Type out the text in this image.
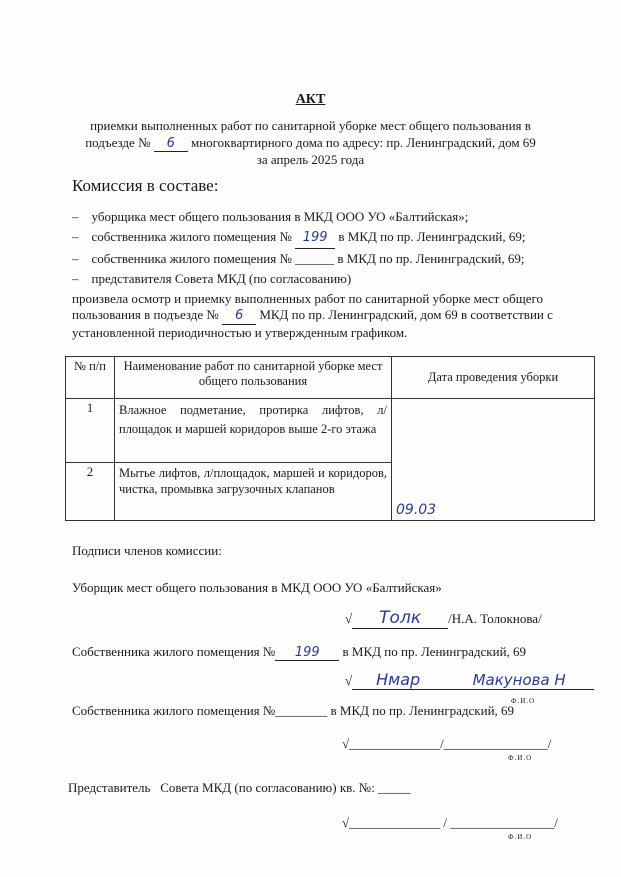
АКТ
приемки выполненных работ по санитарной уборке мест общего пользования в
подъезде № 6 многоквартирного дома по адресу: пр. Ленинградский, дом 69
за апрель 2025 года
Комиссия в составе:
–    уборщика мест общего пользования в МКД ООО УО «Балтийская»;
–    собственника жилого помещения № 199 в МКД по пр. Ленинградский, 69;
–    собственника жилого помещения № ______ в МКД по пр. Ленинградский, 69;
–    представителя Совета МКД (по согласованию)
произвела осмотр и приемку выполненных работ по санитарной уборке мест общего
пользования в подъезде № 6 МКД по пр. Ленинградский, дом 69 в соответствии с
установленной периодичностью и утвержденным графиком.
№ п/п	Наименование работ по санитарной уборке мест общего пользования	Дата проведения уборки
1	Влажное подметание, протирка лифтов, л/площадок и маршей коридоров выше 2-го этажа	09.03

2	Мытье лифтов, л/площадок, маршей и коридоров, чистка, промывка загрузочных клапанов	
Подписи членов комиссии:
Уборщик мест общего пользования в МКД ООО УО «Балтийская»
√ Толк /Н.А. Толокнова/
Собственника жилого помещения № 199 в МКД по пр. Ленинградский, 69
√ Нмар	Макунова Н
Ф.И.О
Собственника жилого помещения №________ в МКД по пр. Ленинградский, 69
√______________/________________/
Ф.И.О
Представитель   Совета МКД (по согласованию) кв. №: _____
√______________ / ________________/
Ф.И.О
